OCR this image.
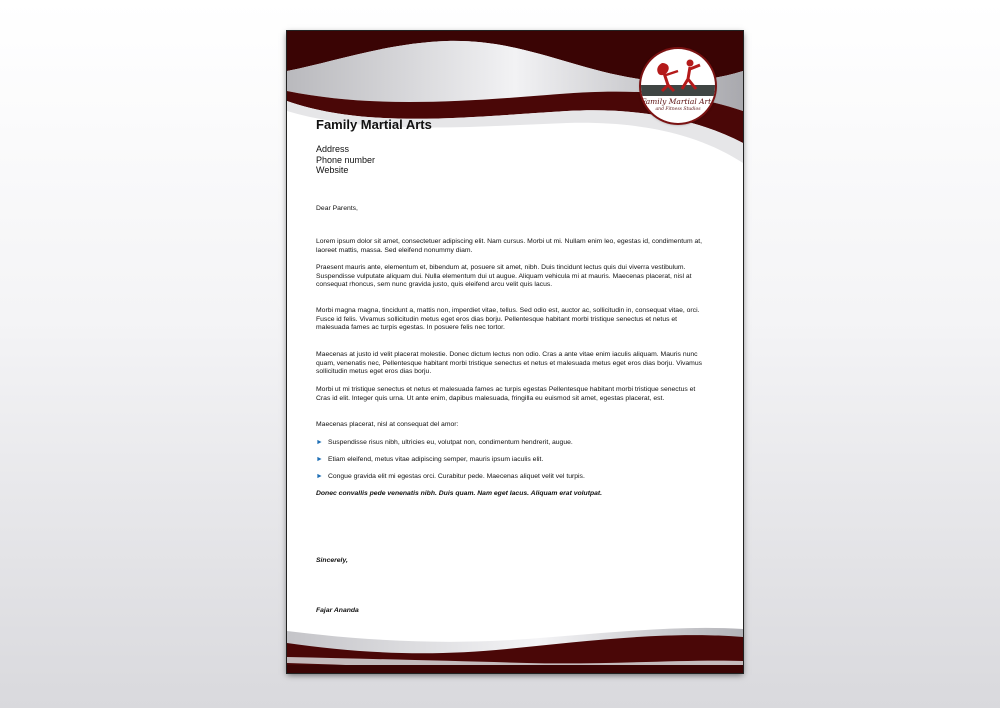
Family Martial Arts
and Fitness Studios
Family Martial Arts
Address
Phone number
Website
Dear Parents,
Lorem ipsum dolor sit amet, consectetuer adipiscing elit. Nam cursus. Morbi ut mi. Nullam enim leo, egestas id, condimentum at, laoreet mattis, massa. Sed eleifend nonummy diam.
Praesent mauris ante, elementum et, bibendum at, posuere sit amet, nibh. Duis tincidunt lectus quis dui viverra vestibulum. Suspendisse vulputate aliquam dui. Nulla elementum dui ut augue. Aliquam vehicula mi at mauris. Maecenas placerat, nisl at consequat rhoncus, sem nunc gravida justo, quis eleifend arcu velit quis lacus.
Morbi magna magna, tincidunt a, mattis non, imperdiet vitae, tellus. Sed odio est, auctor ac, sollicitudin in, consequat vitae, orci. Fusce id felis. Vivamus sollicitudin metus eget eros dias borju. Pellentesque habitant morbi tristique senectus et netus et malesuada fames ac turpis egestas. In posuere felis nec tortor.
Maecenas at justo id velit placerat molestie. Donec dictum lectus non odio. Cras a ante vitae enim iaculis aliquam. Mauris nunc quam, venenatis nec, Pellentesque habitant morbi tristique senectus et netus et malesuada metus eget eros dias borju. Vivamus sollicitudin metus eget eros dias borju.
Morbi ut mi tristique senectus et netus et malesuada fames ac turpis egestas Pellentesque habitant morbi tristique senectus et Cras id elit. Integer quis urna. Ut ante enim, dapibus malesuada, fringilla eu euismod sit amet, egestas placerat, est.
Maecenas placerat, nisl at consequat del amor:
► Suspendisse risus nibh, ultricies eu, volutpat non, condimentum hendrerit, augue.
► Etiam eleifend, metus vitae adipiscing semper, mauris ipsum iaculis elit.
► Congue gravida elit mi egestas orci. Curabitur pede. Maecenas aliquet velit vel turpis.
Donec convallis pede venenatis nibh. Duis quam. Nam eget lacus. Aliquam erat volutpat.
Sincerely,
Fajar Ananda
